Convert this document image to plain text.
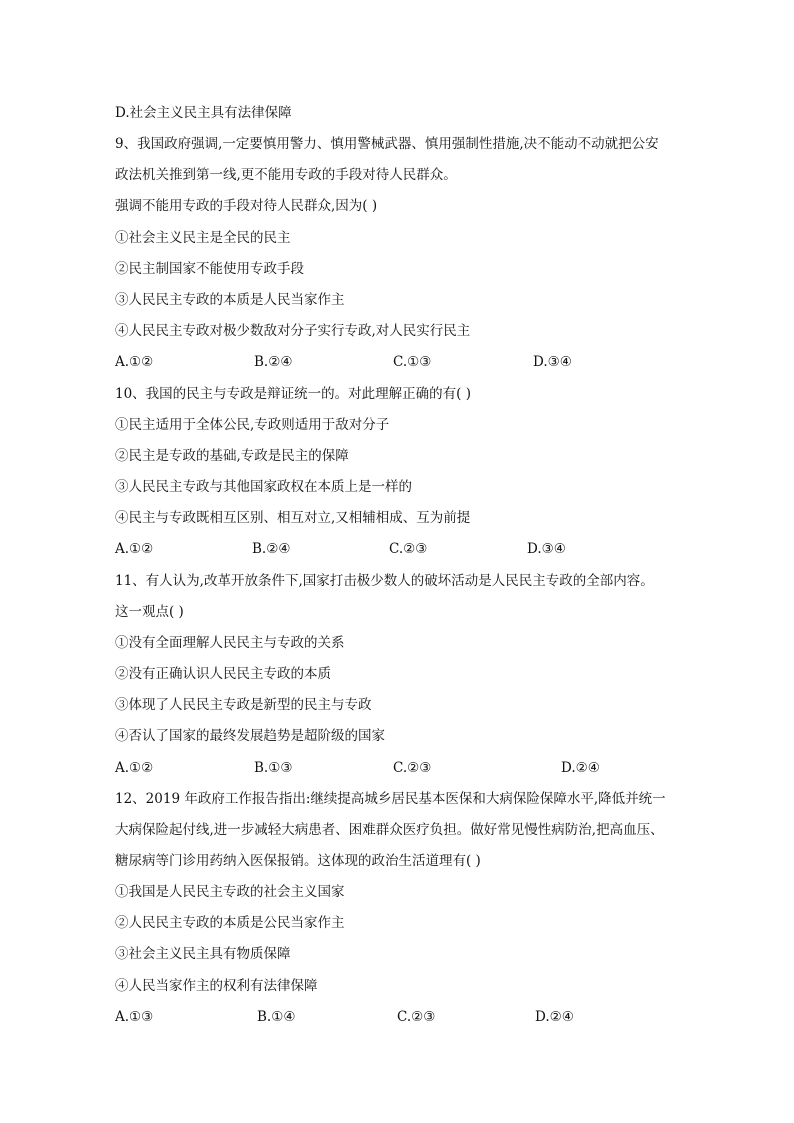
D.社会主义民主具有法律保障
9、我国政府强调,一定要慎用警力、慎用警械武器、慎用强制性措施,决不能动不动就把公安
政法机关推到第一线,更不能用专政的手段对待人民群众。
强调不能用专政的手段对待人民群众,因为( )
①社会主义民主是全民的民主
②民主制国家不能使用专政手段
③人民民主专政的本质是人民当家作主
④人民民主专政对极少数敌对分子实行专政,对人民实行民主
A.①②	B.②④	C.①③	D.③④
10、我国的民主与专政是辩证统一的。对此理解正确的有( )
①民主适用于全体公民,专政则适用于敌对分子
②民主是专政的基础,专政是民主的保障
③人民民主专政与其他国家政权在本质上是一样的
④民主与专政既相互区别、相互对立,又相辅相成、互为前提
A.①②	B.②④	C.②③	D.③④
11、有人认为,改革开放条件下,国家打击极少数人的破坏活动是人民民主专政的全部内容。
这一观点( )
①没有全面理解人民民主与专政的关系
②没有正确认识人民民主专政的本质
③体现了人民民主专政是新型的民主与专政
④否认了国家的最终发展趋势是超阶级的国家
A.①②	B.①③	C.②③	D.②④
12、2019 年政府工作报告指出:继续提高城乡居民基本医保和大病保险保障水平,降低并统一
大病保险起付线,进一步减轻大病患者、困难群众医疗负担。做好常见慢性病防治,把高血压、
糖尿病等门诊用药纳入医保报销。这体现的政治生活道理有( )
①我国是人民民主专政的社会主义国家
②人民民主专政的本质是公民当家作主
③社会主义民主具有物质保障
④人民当家作主的权利有法律保障
A.①③	B.①④	C.②③	D.②④
